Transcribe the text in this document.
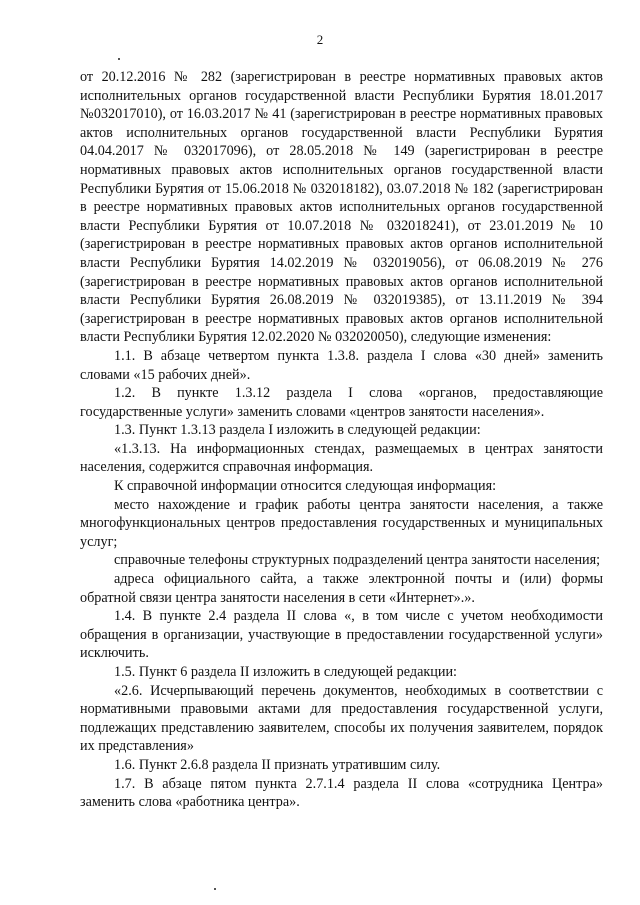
2

от 20.12.2016 № 282 (зарегистрирован в реестре нормативных правовых актов исполнительных органов государственной власти Республики Бурятия 18.01.2017 №032017010), от 16.03.2017 № 41 (зарегистрирован в реестре нормативных правовых актов исполнительных органов государственной власти Республики Бурятия 04.04.2017 № 032017096), от 28.05.2018 № 149 (зарегистрирован в реестре нормативных правовых актов исполнительных органов государственной власти Республики Бурятия от 15.06.2018 № 032018182), 03.07.2018 № 182 (зарегистрирован в реестре нормативных правовых актов исполнительных органов государственной власти Республики Бурятия от 10.07.2018 № 032018241), от 23.01.2019 № 10 (зарегистрирован в реестре нормативных правовых актов органов исполнительной власти Республики Бурятия 14.02.2019 № 032019056), от 06.08.2019 № 276 (зарегистрирован в реестре нормативных правовых актов органов исполнительной власти Республики Бурятия 26.08.2019 № 032019385), от 13.11.2019 № 394 (зарегистрирован в реестре нормативных правовых актов органов исполнительной власти Республики Бурятия 12.02.2020 № 032020050), следующие изменения:

1.1. В абзаце четвертом пункта 1.3.8. раздела I слова «30 дней» заменить словами «15 рабочих дней».

1.2. В пункте 1.3.12 раздела I слова «органов, предоставляющие государственные услуги» заменить словами «центров занятости населения».

1.3. Пункт 1.3.13 раздела I изложить в следующей редакции:

«1.3.13. На информационных стендах, размещаемых в центрах занятости населения, содержится справочная информация.

К справочной информации относится следующая информация:

место нахождение и график работы центра занятости населения, а также многофункциональных центров предоставления государственных и муниципальных услуг;

справочные телефоны структурных подразделений центра занятости населения;

адреса официального сайта, а также электронной почты и (или) формы обратной связи центра занятости населения в сети «Интернет».».

1.4. В пункте 2.4 раздела II слова «, в том числе с учетом необходимости обращения в организации, участвующие в предоставлении государственной услуги» исключить.

1.5. Пункт 6 раздела II изложить в следующей редакции:

«2.6. Исчерпывающий перечень документов, необходимых в соответствии с нормативными правовыми актами для предоставления государственной услуги, подлежащих представлению заявителем, способы их получения заявителем, порядок их представления»

1.6. Пункт 2.6.8 раздела II признать утратившим силу.

1.7. В абзаце пятом пункта 2.7.1.4 раздела II слова «сотрудника Центра» заменить слова «работника центра».
